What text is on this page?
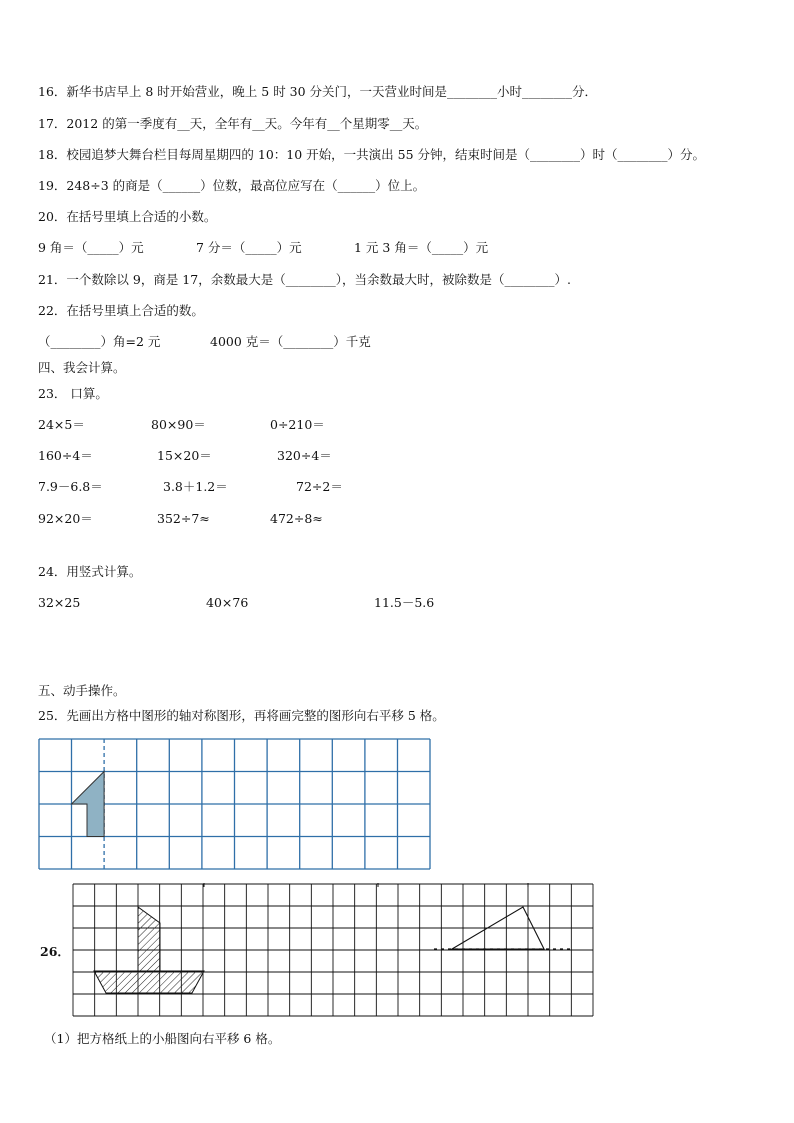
16．新华书店早上 8 时开始营业，晚上 5 时 30 分关门，一天营业时间是________小时________分．
17．2012 的第一季度有__天，全年有__天。今年有__个星期零__天。
18．校园追梦大舞台栏目每周星期四的 10：10 开始，一共演出 55 分钟，结束时间是（________）时（________）分。
19．248÷3 的商是（______）位数，最高位应写在（______）位上。
20．在括号里填上合适的小数。
9 角＝（_____）元	7 分＝（_____）元	1 元 3 角＝（_____）元
21．一个数除以 9，商是 17，余数最大是（________），当余数最大时，被除数是（________）.
22．在括号里填上合适的数。
（________）角=2 元	4000 克＝（________）千克
四、我会计算。
23． 口算。
24×5＝	80×90＝	0÷210＝
160÷4＝	15×20＝	320÷4＝
7.9－6.8＝	3.8＋1.2＝	72÷2＝
92×20＝	352÷7≈	472÷8≈
24．用竖式计算。
32×25	40×76	11.5－5.6
五、动手操作。
25．先画出方格中图形的轴对称图形，再将画完整的图形向右平移 5 格。
26．
（1）把方格纸上的小船图向右平移 6 格。
